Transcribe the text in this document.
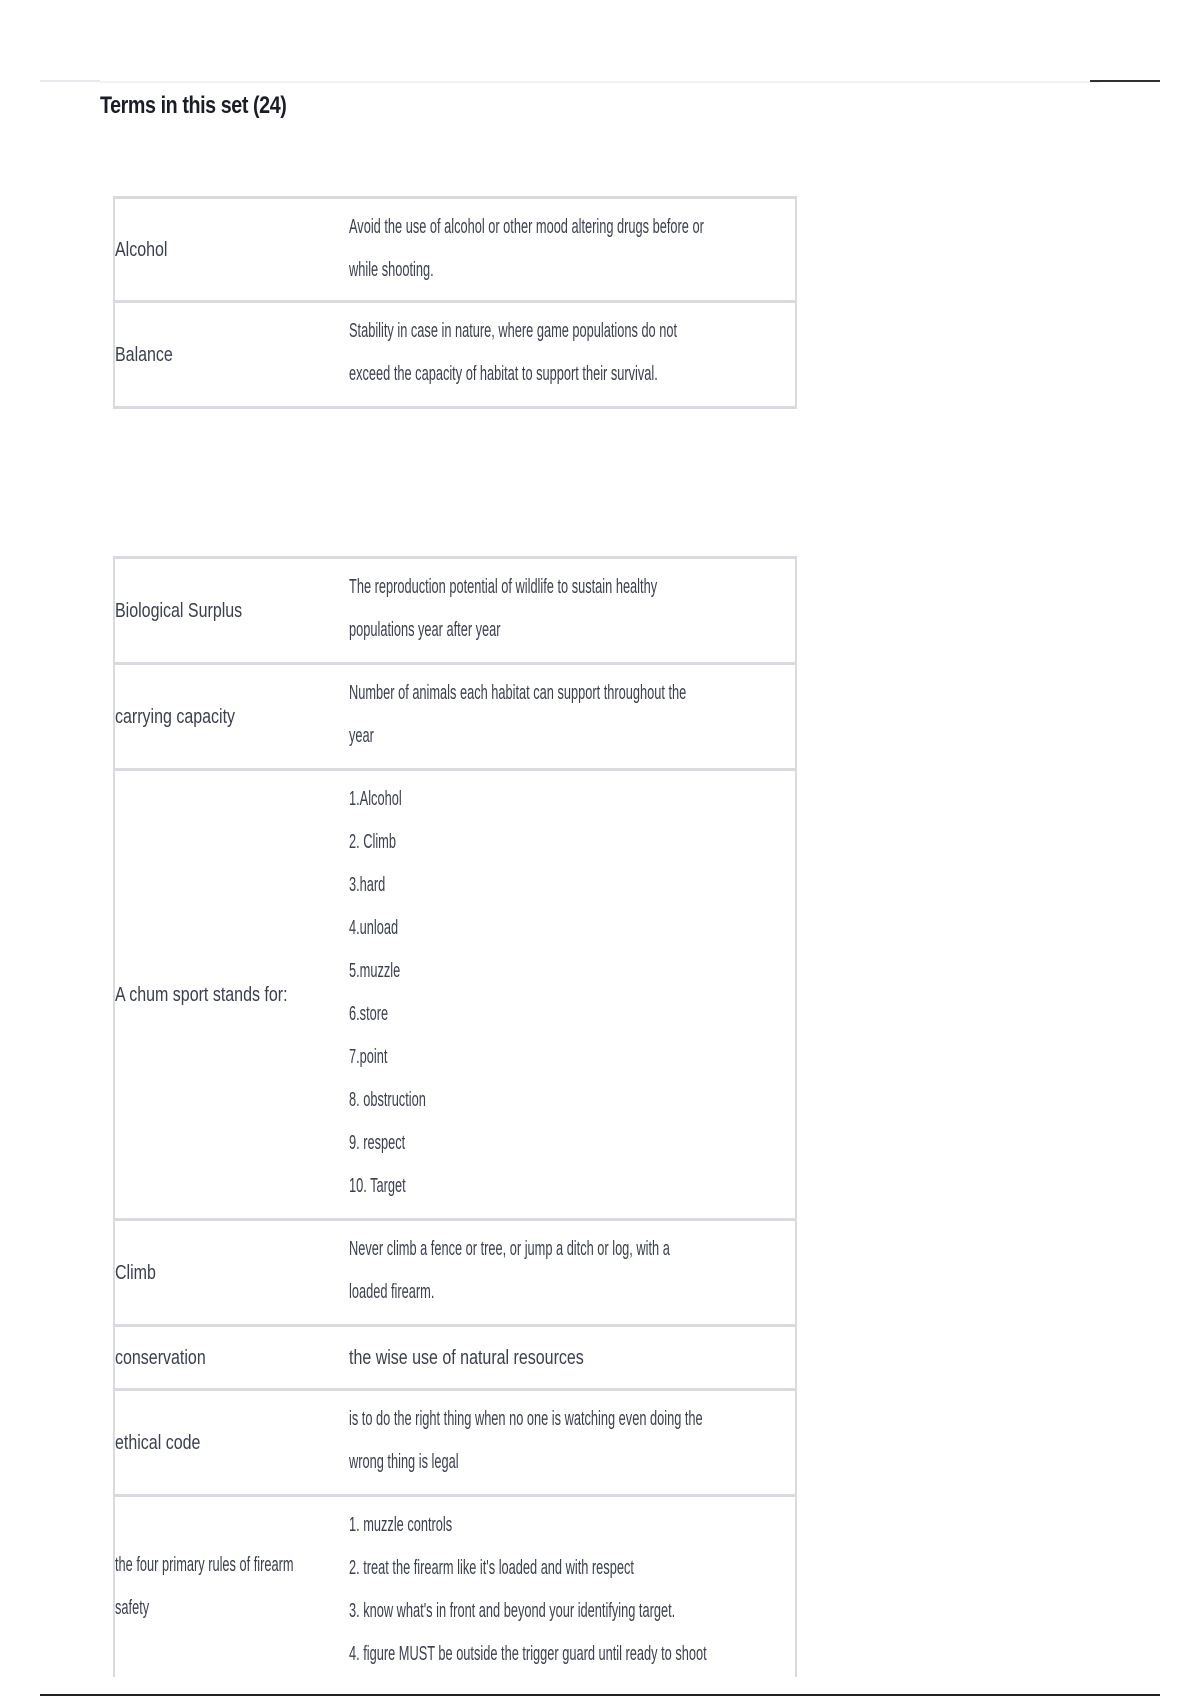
Terms in this set (24)
Alcohol
Avoid the use of alcohol or other mood altering drugs before or
while shooting.
Balance
Stability in case in nature, where game populations do not
exceed the capacity of habitat to support their survival.
Biological Surplus
The reproduction potential of wildlife to sustain healthy
populations year after year
carrying capacity
Number of animals each habitat can support throughout the
year
A chum sport stands for:
1.Alcohol
2. Climb
3.hard
4.unload
5.muzzle
6.store
7.point
8. obstruction
9. respect
10. Target
Climb
Never climb a fence or tree, or jump a ditch or log, with a
loaded firearm.
conservation	the wise use of natural resources
ethical code
is to do the right thing when no one is watching even doing the
wrong thing is legal
the four primary rules of firearm
safety
1. muzzle controls
2. treat the firearm like it's loaded and with respect
3. know what's in front and beyond your identifying target.
4. figure MUST be outside the trigger guard until ready to shoot
